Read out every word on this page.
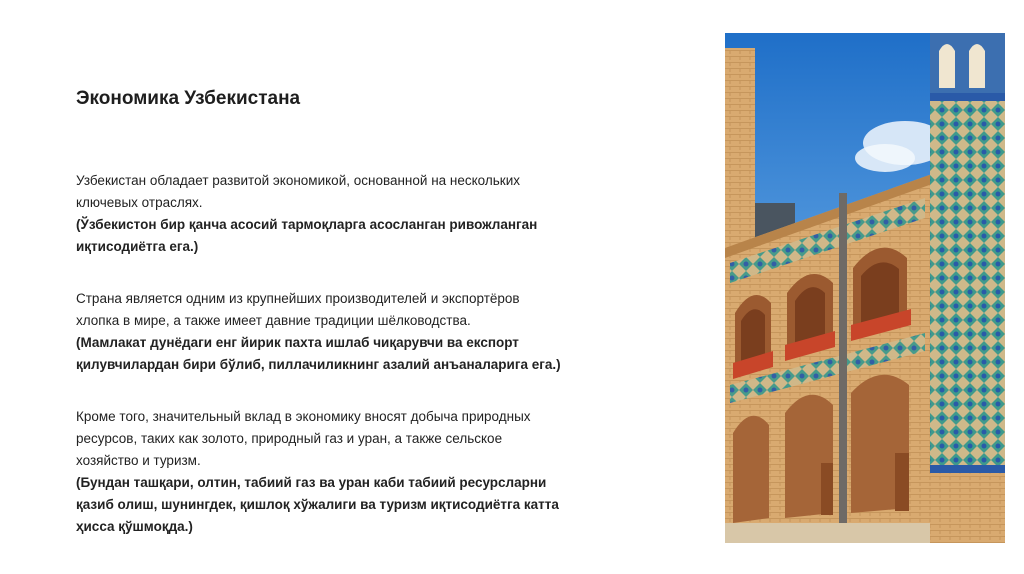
Экономика Узбекистана

Узбекистан обладает развитой экономикой, основанной на нескольких
ключевых отраслях.
(Ўзбекистон бир қанча асосий тармоқларга асосланган ривожланган
иқтисодиётга ега.)

Страна является одним из крупнейших производителей и экспортёров
хлопка в мире, а также имеет давние традиции шёлководства.
(Мамлакат дунёдаги енг йирик пахта ишлаб чиқарувчи ва експорт
қилувчилардан бири бўлиб, пиллачиликнинг азалий анъаналарига ега.)

Кроме того, значительный вклад в экономику вносят добыча природных
ресурсов, таких как золото, природный газ и уран, а также сельское
хозяйство и туризм.
(Бундан ташқари, олтин, табиий газ ва уран каби табиий ресурсларни
қазиб олиш, шунингдек, қишлоқ хўжалиги ва туризм иқтисодиётга катта
ҳисса қўшмоқда.)
